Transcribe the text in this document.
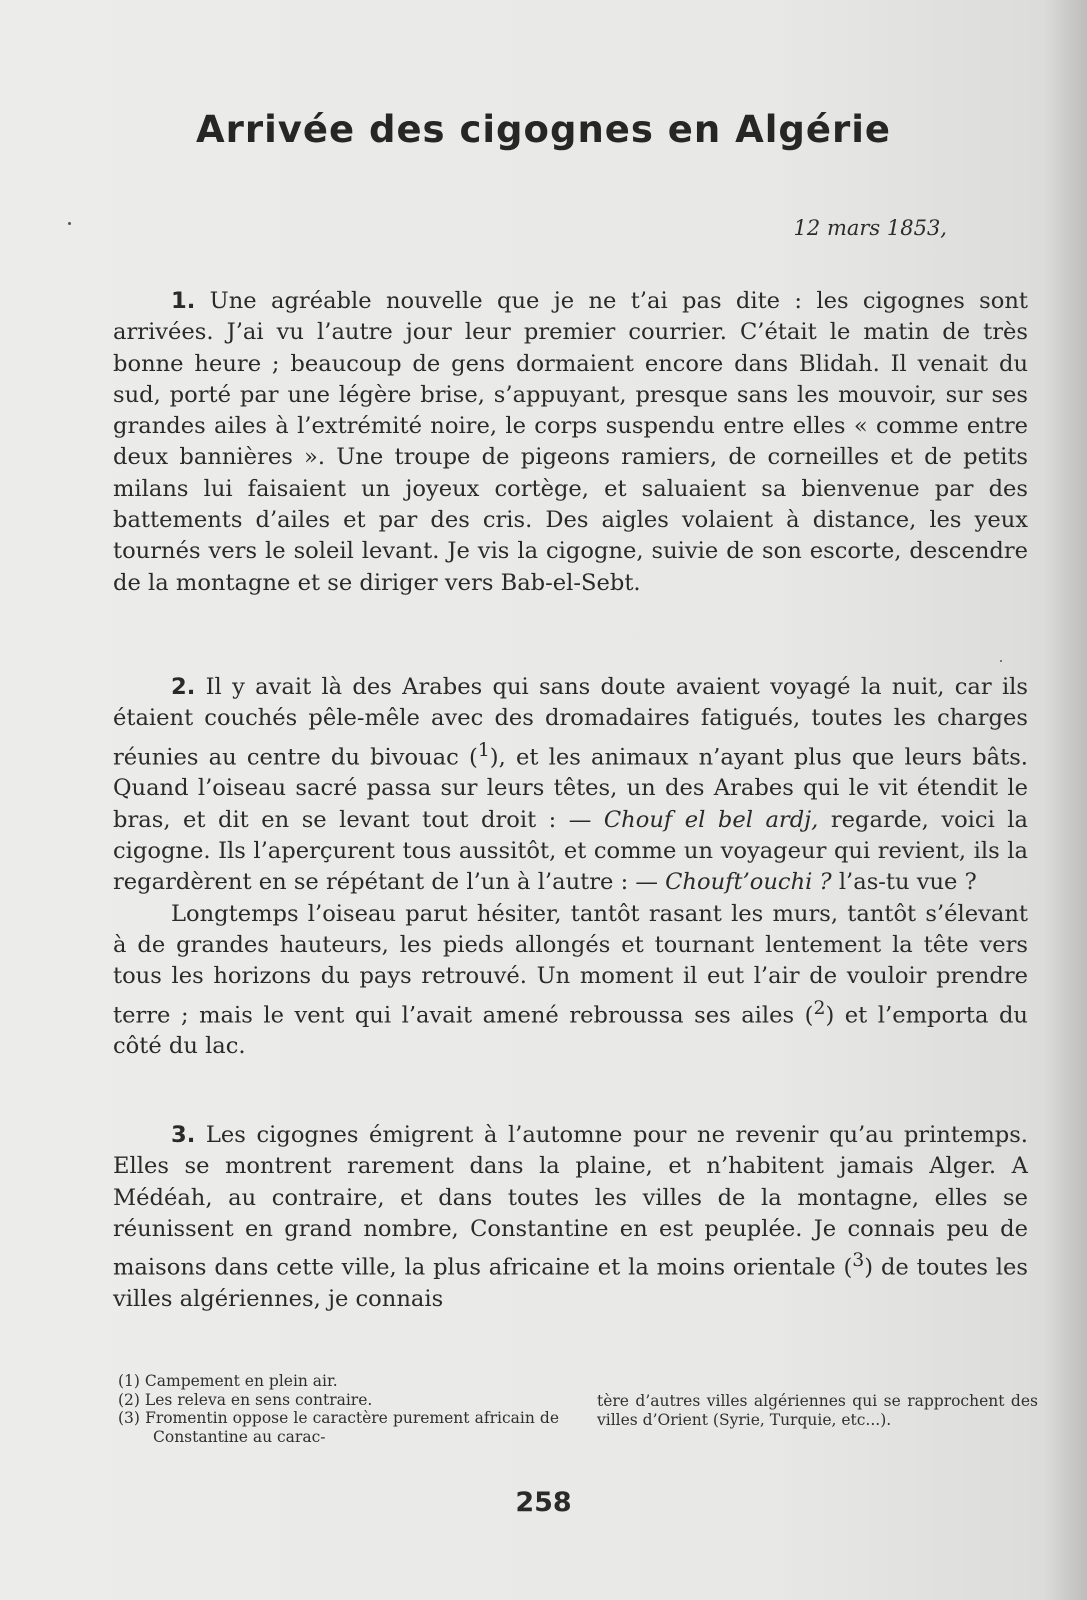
Arrivée des cigognes en Algérie
12 mars 1853,

1. Une agréable nouvelle que je ne t’ai pas dite : les cigognes sont arrivées. J’ai vu l’autre jour leur premier courrier. C’était le matin de très bonne heure ; beaucoup de gens dormaient encore dans Blidah. Il venait du sud, porté par une légère brise, s’appuyant, presque sans les mouvoir, sur ses grandes ailes à l’extrémité noire, le corps suspendu entre elles « comme entre deux bannières ». Une troupe de pigeons ramiers, de corneilles et de petits milans lui faisaient un joyeux cortège, et saluaient sa bienvenue par des battements d’ailes et par des cris. Des aigles volaient à distance, les yeux tournés vers le soleil levant. Je vis la cigogne, suivie de son escorte, descendre de la montagne et se diriger vers Bab-el-Sebt.

2. Il y avait là des Arabes qui sans doute avaient voyagé la nuit, car ils étaient couchés pêle-mêle avec des dromadaires fatigués, toutes les charges réunies au centre du bivouac ($^1$), et les animaux n’ayant plus que leurs bâts. Quand l’oiseau sacré passa sur leurs têtes, un des Arabes qui le vit étendit le bras, et dit en se levant tout droit : — Chouf el bel ardj, regarde, voici la cigogne. Ils l’aperçurent tous aussitôt, et comme un voyageur qui revient, ils la regardèrent en se répétant de l’un à l’autre : — Chouft’ouchi ? l’as-tu vue ?

Longtemps l’oiseau parut hésiter, tantôt rasant les murs, tantôt s’élevant à de grandes hauteurs, les pieds allongés et tournant lentement la tête vers tous les horizons du pays retrouvé. Un moment il eut l’air de vouloir prendre terre ; mais le vent qui l’avait amené rebroussa ses ailes ($^2$) et l’emporta du côté du lac.

3. Les cigognes émigrent à l’automne pour ne revenir qu’au printemps. Elles se montrent rarement dans la plaine, et n’habitent jamais Alger. A Médéah, au contraire, et dans toutes les villes de la montagne, elles se réunissent en grand nombre, Constantine en est peuplée. Je connais peu de maisons dans cette ville, la plus africaine et la moins orientale ($^3$) de toutes les villes algériennes, je connais

(1) Campement en plein air.

(2) Les releva en sens contraire.

(3) Fromentin oppose le caractère purement africain de Constantine au carac-

tère d’autres villes algériennes qui se rapprochent des villes d’Orient (Syrie, Turquie, etc...).

258
